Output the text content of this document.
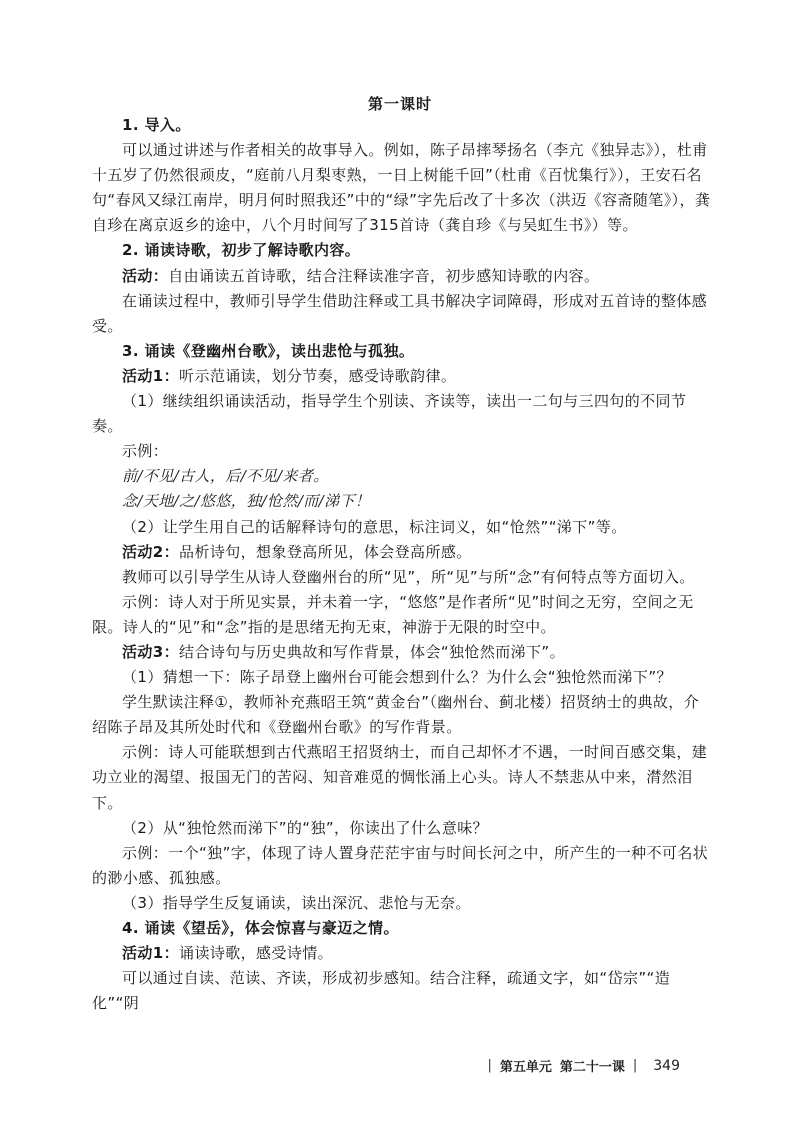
第一课时

1. 导入。

可以通过讲述与作者相关的故事导入。例如，陈子昂摔琴扬名（李亢《独异志》），杜甫十五岁了仍然很顽皮，“庭前八月梨枣熟，一日上树能千回”（杜甫《百忧集行》），王安石名句“春风又绿江南岸，明月何时照我还”中的“绿”字先后改了十多次（洪迈《容斋随笔》），龚自珍在离京返乡的途中，八个月时间写了315首诗（龚自珍《与吴虹生书》）等。

2. 诵读诗歌，初步了解诗歌内容。

活动：自由诵读五首诗歌，结合注释读准字音，初步感知诗歌的内容。

在诵读过程中，教师引导学生借助注释或工具书解决字词障碍，形成对五首诗的整体感受。

3. 诵读《登幽州台歌》，读出悲怆与孤独。

活动1：听示范诵读，划分节奏，感受诗歌韵律。

（1）继续组织诵读活动，指导学生个别读、齐读等，读出一二句与三四句的不同节奏。

示例：

前/不见/古人，后/不见/来者。

念/天地/之/悠悠，独/怆然/而/涕下！

（2）让学生用自己的话解释诗句的意思，标注词义，如“怆然”“涕下”等。

活动2：品析诗句，想象登高所见，体会登高所感。

教师可以引导学生从诗人登幽州台的所“见”，所“见”与所“念”有何特点等方面切入。

示例：诗人对于所见实景，并未着一字，“悠悠”是作者所“见”时间之无穷，空间之无限。诗人的“见”和“念”指的是思绪无拘无束，神游于无限的时空中。

活动3：结合诗句与历史典故和写作背景，体会“独怆然而涕下”。

（1）猜想一下：陈子昂登上幽州台可能会想到什么？为什么会“独怆然而涕下”？

学生默读注释①，教师补充燕昭王筑“黄金台”（幽州台、蓟北楼）招贤纳士的典故，介绍陈子昂及其所处时代和《登幽州台歌》的写作背景。

示例：诗人可能联想到古代燕昭王招贤纳士，而自己却怀才不遇，一时间百感交集，建功立业的渴望、报国无门的苦闷、知音难觅的惆怅涌上心头。诗人不禁悲从中来，潸然泪下。

（2）从“独怆然而涕下”的“独”，你读出了什么意味？

示例：一个“独”字，体现了诗人置身茫茫宇宙与时间长河之中，所产生的一种不可名状的渺小感、孤独感。

（3）指导学生反复诵读，读出深沉、悲怆与无奈。

4. 诵读《望岳》，体会惊喜与豪迈之情。

活动1：诵读诗歌，感受诗情。

可以通过自读、范读、齐读，形成初步感知。结合注释，疏通文字，如“岱宗”“造化”“阴

| 第五单元 第二十一课 | 349
